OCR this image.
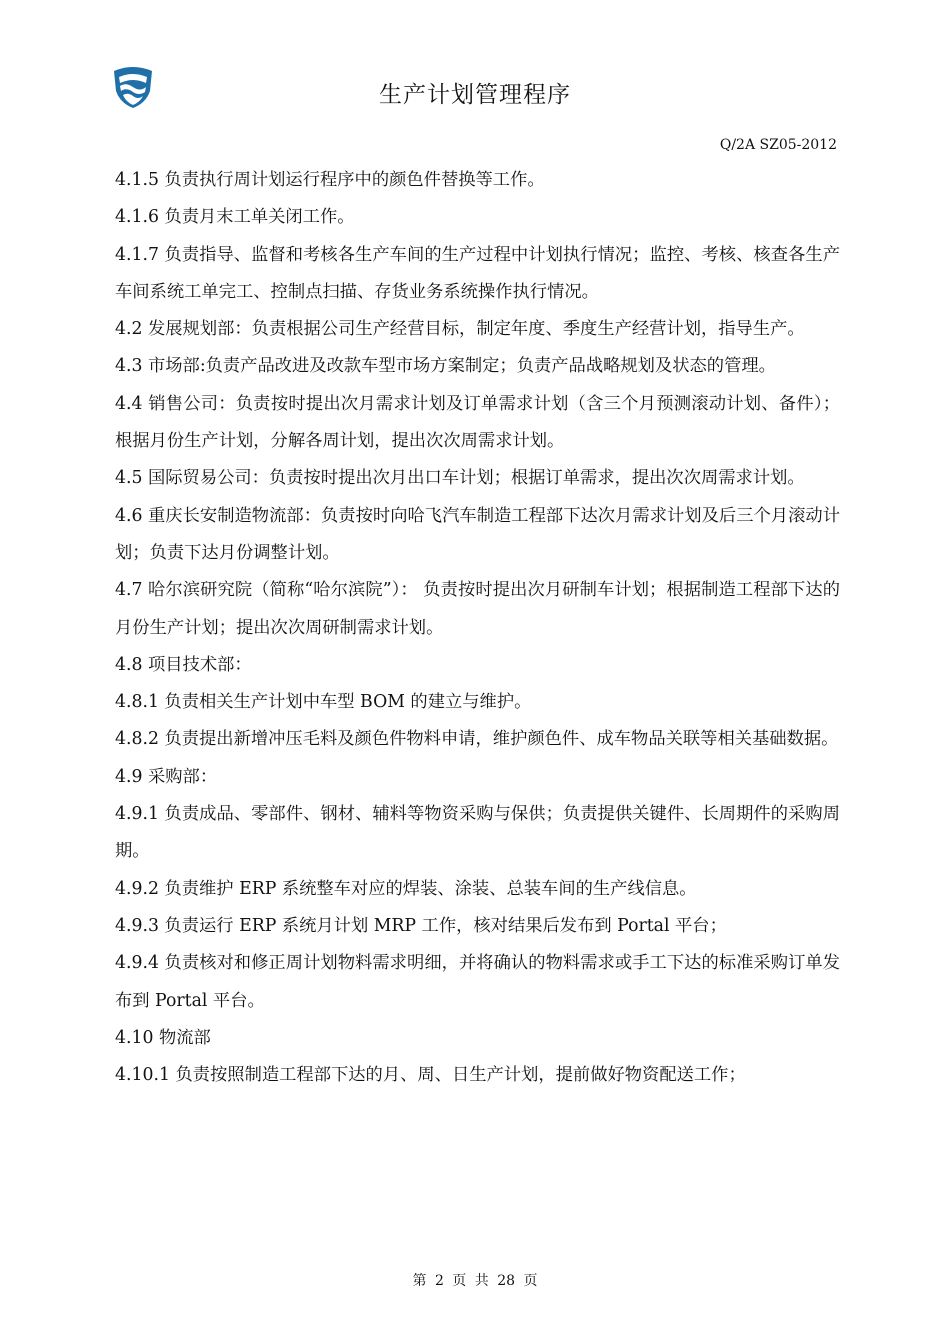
生产计划管理程序
Q/2A SZ05-2012

4.1.5 负责执行周计划运行程序中的颜色件替换等工作。

4.1.6 负责月末工单关闭工作。

4.1.7 负责指导、监督和考核各生产车间的生产过程中计划执行情况；监控、考核、核查各生产车间系统工单完工、控制点扫描、存货业务系统操作执行情况。

4.2 发展规划部：负责根据公司生产经营目标，制定年度、季度生产经营计划，指导生产。

4.3 市场部:负责产品改进及改款车型市场方案制定；负责产品战略规划及状态的管理。

4.4 销售公司：负责按时提出次月需求计划及订单需求计划（含三个月预测滚动计划、备件）；根据月份生产计划，分解各周计划，提出次次周需求计划。

4.5 国际贸易公司：负责按时提出次月出口车计划；根据订单需求，提出次次周需求计划。

4.6 重庆长安制造物流部：负责按时向哈飞汽车制造工程部下达次月需求计划及后三个月滚动计划；负责下达月份调整计划。

4.7 哈尔滨研究院（简称“哈尔滨院”）： 负责按时提出次月研制车计划；根据制造工程部下达的月份生产计划；提出次次周研制需求计划。

4.8 项目技术部：

4.8.1 负责相关生产计划中车型 BOM 的建立与维护。

4.8.2 负责提出新增冲压毛料及颜色件物料申请，维护颜色件、成车物品关联等相关基础数据。

4.9 采购部：

4.9.1 负责成品、零部件、钢材、辅料等物资采购与保供；负责提供关键件、长周期件的采购周期。

4.9.2 负责维护 ERP 系统整车对应的焊装、涂装、总装车间的生产线信息。

4.9.3 负责运行 ERP 系统月计划 MRP 工作，核对结果后发布到 Portal 平台；

4.9.4 负责核对和修正周计划物料需求明细，并将确认的物料需求或手工下达的标准采购订单发布到 Portal 平台。

4.10 物流部

4.10.1 负责按照制造工程部下达的月、周、日生产计划，提前做好物资配送工作；

第 2 页 共 28 页
